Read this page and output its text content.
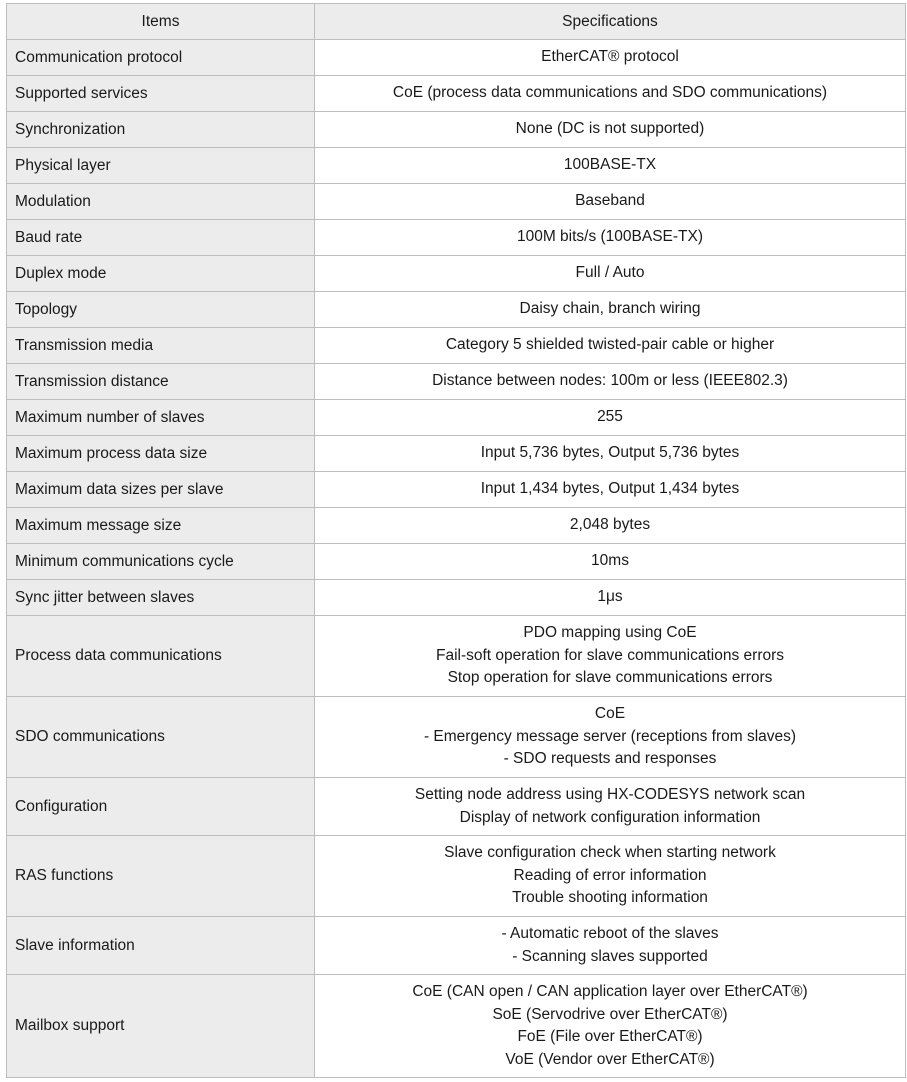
Items	Specifications
Communication protocol	EtherCAT® protocol

Supported services	CoE (process data communications and SDO communications)

Synchronization	None (DC is not supported)

Physical layer	100BASE-TX

Modulation	Baseband

Baud rate	100M bits/s (100BASE-TX)

Duplex mode	Full / Auto

Topology	Daisy chain, branch wiring

Transmission media	Category 5 shielded twisted-pair cable or higher

Transmission distance	Distance between nodes: 100m or less (IEEE802.3)

Maximum number of slaves	255

Maximum process data size	Input 5,736 bytes, Output 5,736 bytes

Maximum data sizes per slave	Input 1,434 bytes, Output 1,434 bytes

Maximum message size	2,048 bytes

Minimum communications cycle	10ms

Sync jitter between slaves	1μs

Process data communications	PDO mapping using CoE
Fail-soft operation for slave communications errors
Stop operation for slave communications errors

SDO communications	CoE
- Emergency message server (receptions from slaves)
- SDO requests and responses

Configuration	Setting node address using HX-CODESYS network scan
Display of network configuration information

RAS functions	Slave configuration check when starting network
Reading of error information
Trouble shooting information

Slave information	- Automatic reboot of the slaves
- Scanning slaves supported

Mailbox support	CoE (CAN open / CAN application layer over EtherCAT®)
SoE (Servodrive over EtherCAT®)
FoE (File over EtherCAT®)
VoE (Vendor over EtherCAT®)
